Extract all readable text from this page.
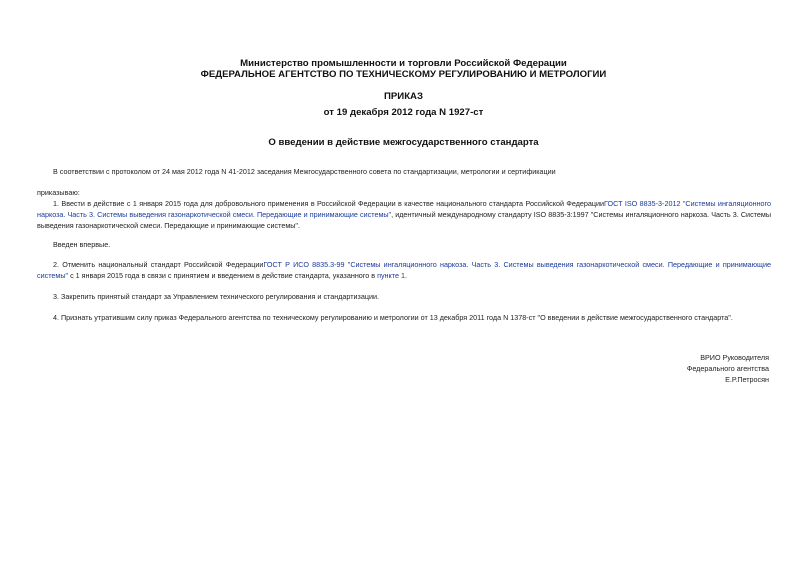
Министерство промышленности и торговли Российской Федерации
ФЕДЕРАЛЬНОЕ АГЕНТСТВО ПО ТЕХНИЧЕСКОМУ РЕГУЛИРОВАНИЮ И МЕТРОЛОГИИ
ПРИКАЗ
от 19 декабря 2012 года N 1927-ст
О введении в действие межгосударственного стандарта
В соответствии с протоколом от 24 мая 2012 года N 41-2012 заседания Межгосударственного совета по стандартизации, метрологии и сертификации
приказываю:
1. Ввести в действие с 1 января 2015 года для добровольного применения в Российской Федерации в качестве национального стандарта Российской ФедерацииГОСТ ISO 8835-3-2012 "Системы ингаляционного наркоза. Часть 3. Системы выведения газонаркотической смеси. Передающие и принимающие системы", идентичный международному стандарту ISO 8835-3:1997 "Системы ингаляционного наркоза. Часть 3. Системы выведения газонаркотической смеси. Передающие и принимающие системы".
Введен впервые.
2. Отменить национальный стандарт Российской ФедерацииГОСТ Р ИСО 8835.3-99 "Системы ингаляционного наркоза. Часть 3. Системы выведения газонаркотической смеси. Передающие и принимающие системы" с 1 января 2015 года в связи с принятием и введением в действие стандарта, указанного в пункте 1.
3. Закрепить принятый стандарт за Управлением технического регулирования и стандартизации.
4. Признать утратившим силу приказ Федерального агентства по техническому регулированию и метрологии от 13 декабря 2011 года N 1378-ст "О введении в действие межгосударственного стандарта".
ВРИО Руководителя
Федерального агентства
Е.Р.Петросян
